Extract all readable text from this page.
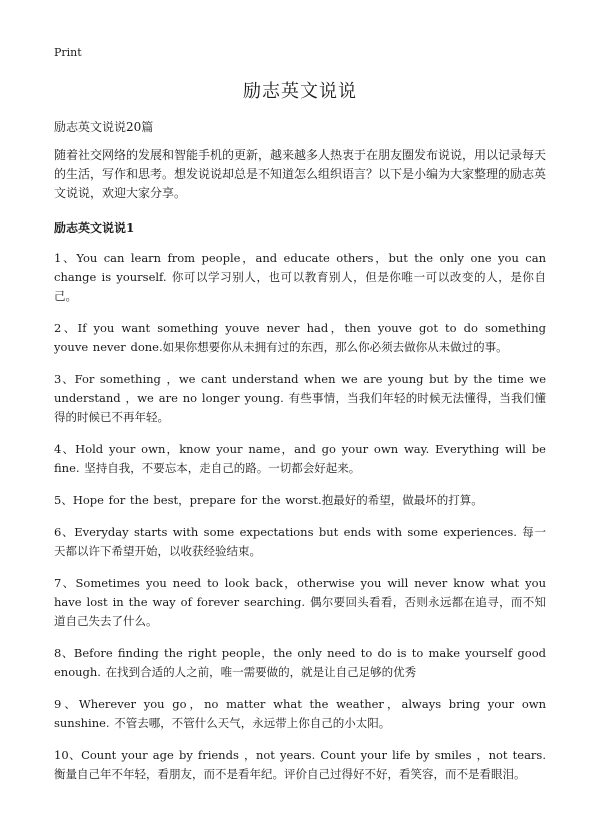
Print
励志英文说说

励志英文说说20篇

随着社交网络的发展和智能手机的更新，越来越多人热衷于在朋友圈发布说说，用以记录每天的生活，写作和思考。想发说说却总是不知道怎么组织语言？以下是小编为大家整理的励志英文说说，欢迎大家分享。

励志英文说说1

1、You can learn from people，and educate others，but the only one you can change is yourself. 你可以学习别人，也可以教育别人，但是你唯一可以改变的人，是你自己。

2、If you want something youve never had，then youve got to do something youve never done.如果你想要你从未拥有过的东西，那么你必须去做你从未做过的事。

3、For something ，we cant understand when we are young but by the time we understand ，we are no longer young. 有些事情，当我们年轻的时候无法懂得，当我们懂得的时候已不再年轻。

4、Hold your own，know your name，and go your own way. Everything will be fine. 坚持自我，不要忘本，走自己的路。一切都会好起来。

5、Hope for the best，prepare for the worst.抱最好的希望，做最坏的打算。

6、Everyday starts with some expectations but ends with some experiences. 每一天都以许下希望开始，以收获经验结束。

7、Sometimes you need to look back，otherwise you will never know what you have lost in the way of forever searching. 偶尔要回头看看，否则永远都在追寻，而不知道自己失去了什么。

8、Before finding the right people，the only need to do is to make yourself good enough. 在找到合适的人之前，唯一需要做的，就是让自己足够的优秀

9、Wherever you go，no matter what the weather，always bring your own sunshine. 不管去哪，不管什么天气，永远带上你自己的小太阳。

10、Count your age by friends ，not years. Count your life by smiles ，not tears.衡量自己年不年轻，看朋友，而不是看年纪。评价自己过得好不好，看笑容，而不是看眼泪。
